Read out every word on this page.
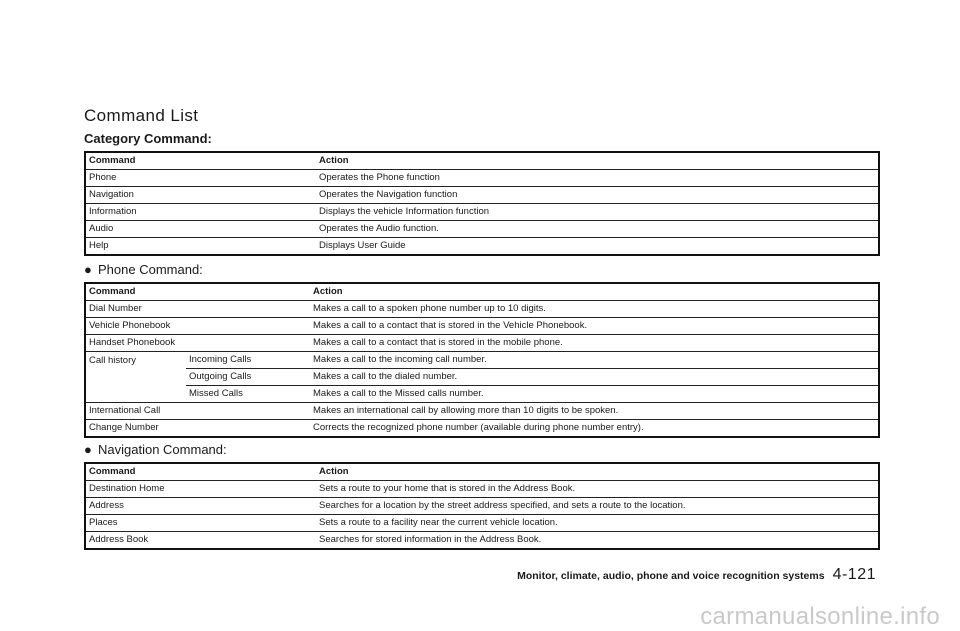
Command List
Category Command:
Command	Action
Phone	Operates the Phone function
Navigation	Operates the Navigation function
Information	Displays the vehicle Information function
Audio	Operates the Audio function.
Help	Displays User Guide
● Phone Command:
Command		Action
Dial Number		Makes a call to a spoken phone number up to 10 digits.
Vehicle Phonebook		Makes a call to a contact that is stored in the Vehicle Phonebook.
Handset Phonebook		Makes a call to a contact that is stored in the mobile phone.
Call history	Incoming Calls	Makes a call to the incoming call number.
	Outgoing Calls	Makes a call to the dialed number.
	Missed Calls	Makes a call to the Missed calls number.
International Call		Makes an international call by allowing more than 10 digits to be spoken.
Change Number		Corrects the recognized phone number (available during phone number entry).
● Navigation Command:
Command	Action
Destination Home	Sets a route to your home that is stored in the Address Book.
Address	Searches for a location by the street address specified, and sets a route to the location.
Places	Sets a route to a facility near the current vehicle location.
Address Book	Searches for stored information in the Address Book.
Monitor, climate, audio, phone and voice recognition systems 4-121
carmanualsonline.info
